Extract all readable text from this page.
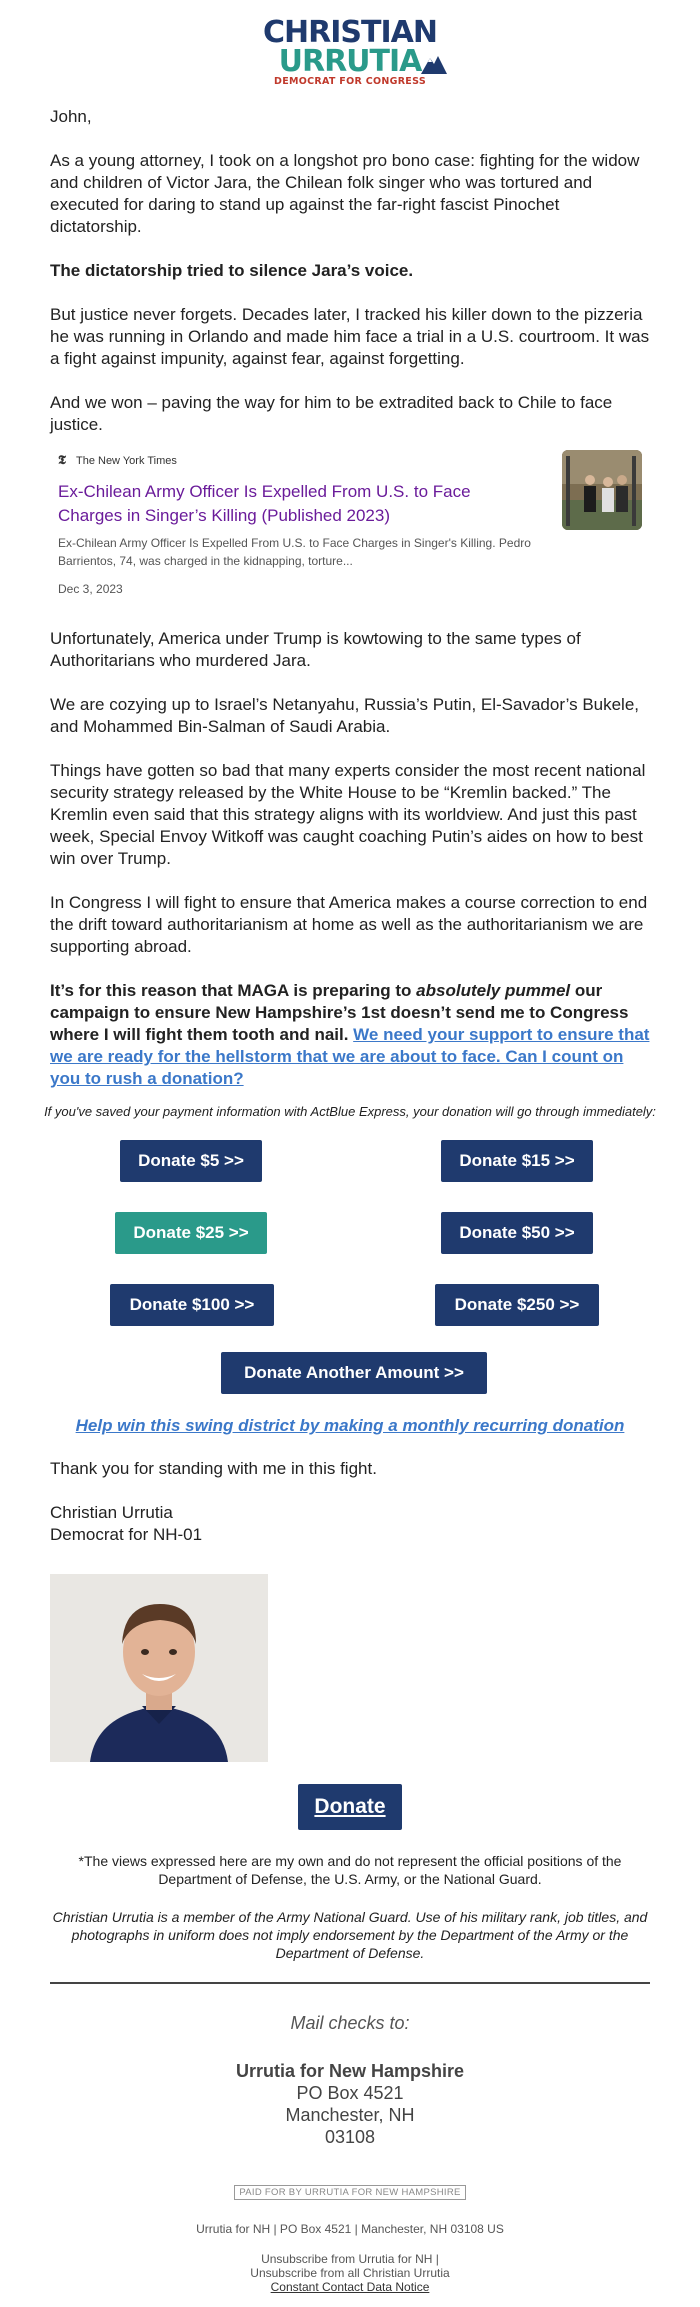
CHRISTIAN
URRUTIA
DEMOCRAT FOR CONGRESS

John,

As a young attorney, I took on a longshot pro bono case: fighting for the widow and children of Victor Jara, the Chilean folk singer who was tortured and executed for daring to stand up against the far-right fascist Pinochet dictatorship.

The dictatorship tried to silence Jara’s voice.

But justice never forgets. Decades later, I tracked his killer down to the pizzeria he was running in Orlando and made him face a trial in a U.S. courtroom. It was a fight against impunity, against fear, against forgetting.

And we won – paving the way for him to be extradited back to Chile to face justice.

𝕿 The New York Times
Ex-Chilean Army Officer Is Expelled From U.S. to Face Charges in Singer’s Killing (Published 2023)
Ex-Chilean Army Officer Is Expelled From U.S. to Face Charges in Singer's Killing. Pedro Barrientos, 74, was charged in the kidnapping, torture...
Dec 3, 2023

Unfortunately, America under Trump is kowtowing to the same types of Authoritarians who murdered Jara.

We are cozying up to Israel’s Netanyahu, Russia’s Putin, El-Savador’s Bukele, and Mohammed Bin-Salman of Saudi Arabia.

Things have gotten so bad that many experts consider the most recent national security strategy released by the White House to be “Kremlin backed.” The Kremlin even said that this strategy aligns with its worldview. And just this past week, Special Envoy Witkoff was caught coaching Putin’s aides on how to best win over Trump.

In Congress I will fight to ensure that America makes a course correction to end the drift toward authoritarianism at home as well as the authoritarianism we are supporting abroad.

It’s for this reason that MAGA is preparing to absolutely pummel our campaign to ensure New Hampshire’s 1st doesn’t send me to Congress where I will fight them tooth and nail. We need your support to ensure that we are ready for the hellstorm that we are about to face. Can I count on you to rush a donation?

If you've saved your payment information with ActBlue Express, your donation will go through immediately:
Donate $5 >>	Donate $15 >>
Donate $25 >>	Donate $50 >>
Donate $100 >>	Donate $250 >>
Donate Another Amount >>
Help win this swing district by making a monthly recurring donation

Thank you for standing with me in this fight.

Christian Urrutia
Democrat for NH-01

Donate
*The views expressed here are my own and do not represent the official positions of the Department of Defense, the U.S. Army, or the National Guard.
Christian Urrutia is a member of the Army National Guard. Use of his military rank, job titles, and photographs in uniform does not imply endorsement by the Department of the Army or the Department of Defense.
Mail checks to:
Urrutia for New Hampshire
PO Box 4521
Manchester, NH
03108
PAID FOR BY URRUTIA FOR NEW HAMPSHIRE
Urrutia for NH | PO Box 4521 | Manchester, NH 03108 US
Unsubscribe from Urrutia for NH |
Unsubscribe from all Christian Urrutia
Constant Contact Data Notice
